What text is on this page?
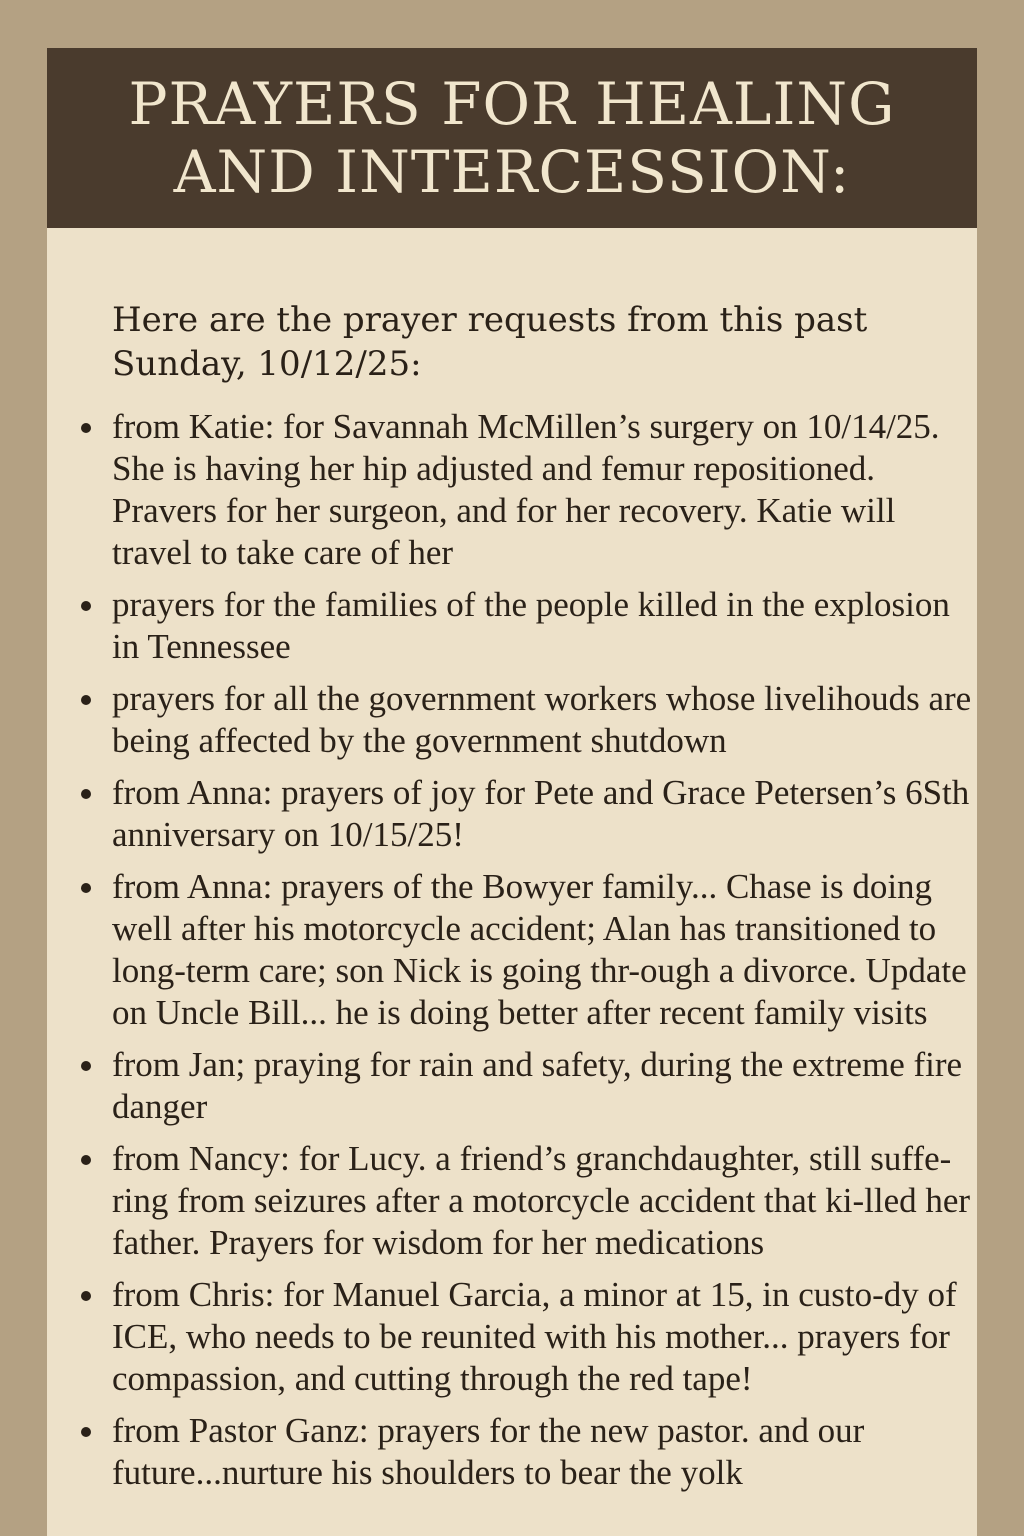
PRAYERS FOR HEALING
AND INTERCESSION:

Here are the prayer requests from this past Sunday, 10/12/25:

from Katie: for Savannah McMillen’s surgery on 10/14/25. She is having her hip adjusted and femur repositioned. Pravers for her surgeon, and for her recovery. Katie will travel to take care of her
prayers for the families of the people killed in the explosion in Tennessee
prayers for all the government workers whose livelihouds are being affected by the government shutdown
from Anna: prayers of joy for Pete and Grace Petersen’s 6Sth anniversary on 10/15/25!
from Anna: prayers of the Bowyer family... Chase is doing well after his motorcycle accident; Alan has transitioned to long-term care; son Nick is going thr-ough a divorce. Update on Uncle Bill... he is doing better after recent family visits
from Jan; praying for rain and safety, during the extreme fire danger
from Nancy: for Lucy. a friend’s granchdaughter, still suffe-ring from seizures after a motorcycle accident that ki-lled her father. Prayers for wisdom for her medications
from Chris: for Manuel Garcia, a minor at 15, in custo-dy of ICE, who needs to be reunited with his mother... prayers for compassion, and cutting through the red tape!
from Pastor Ganz: prayers for the new pastor. and our future...nurture his shoulders to bear the yolk
